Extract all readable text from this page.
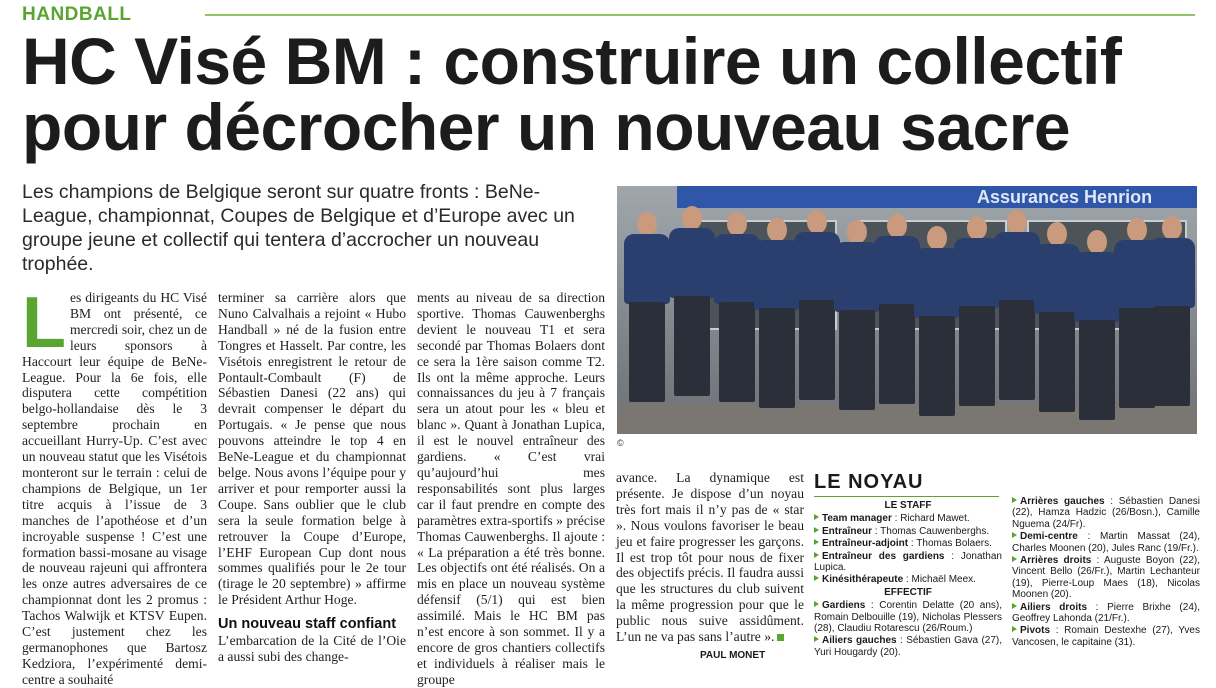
HANDBALL
HC Visé BM : construire un collectif pour décrocher un nouveau sacre

Les champions de Belgique seront sur quatre fronts : BeNe-League, championnat, Coupes de Belgique et d’Europe avec un groupe jeune et collectif qui tentera d’accrocher un nouveau trophée.

Assurances Henrion
©
Les dirigeants du HC Visé BM ont présenté, ce mercredi soir, chez un de leurs sponsors à Haccourt leur équipe de BeNe-League. Pour la 6e fois, elle disputera cette compétition belgo-hollandaise dès le 3 septembre prochain en accueillant Hurry-Up. C’est avec un nouveau statut que les Visétois monteront sur le terrain : celui de champions de Belgique, un 1er titre acquis à l’issue de 3 manches de l’apothéose et d’un incroyable suspense ! C’est une formation bassi-mosane au visage de nouveau rajeuni qui affrontera les onze autres adversaires de ce championnat dont les 2 promus : Tachos Walwijk et KTSV Eupen. C’est justement chez les germanophones que Bartosz Kedziora, l’expérimenté demi-centre a souhaité
terminer sa carrière alors que Nuno Calvalhais a rejoint « Hubo Handball » né de la fusion entre Tongres et Hasselt. Par contre, les Visétois enregistrent le retour de Pontault-Combault (F) de Sébastien Danesi (22 ans) qui devrait compenser le départ du Portugais. « Je pense que nous pouvons atteindre le top 4 en BeNe-League et du championnat belge. Nous avons l’équipe pour y arriver et pour remporter aussi la Coupe. Sans oublier que le club sera la seule formation belge à retrouver la Coupe d’Europe, l’EHF European Cup dont nous sommes qualifiés pour le 2e tour (tirage le 20 septembre) » affirme le Président Arthur Hoge.
Un nouveau staff confiant
L’embarcation de la Cité de l’Oie a aussi subi des change-
ments au niveau de sa direction sportive. Thomas Cauwenberghs devient le nouveau T1 et sera secondé par Thomas Bolaers dont ce sera la 1ère saison comme T2. Ils ont la même approche. Leurs connaissances du jeu à 7 français sera un atout pour les « bleu et blanc ». Quant à Jonathan Lupica, il est le nouvel entraîneur des gardiens. « C’est vrai qu’aujourd’hui mes responsabilités sont plus larges car il faut prendre en compte des paramètres extra-sportifs » précise Thomas Cauwenberghs. Il ajoute : « La préparation a été très bonne. Les objectifs ont été réalisés. On a mis en place un nouveau système défensif (5/1) qui est bien assimilé. Mais le HC BM pas n’est encore à son sommet. Il y a encore de gros chantiers collectifs et individuels à réaliser mais le groupe
avance. La dynamique est présente. Je dispose d’un noyau très fort mais il n’y pas de « star ». Nous voulons favoriser le beau jeu et faire progresser les garçons. Il est trop tôt pour nous de fixer des objectifs précis. Il faudra aussi que les structures du club suivent la même progression pour que le public nous suive assidûment. L’un ne va pas sans l’autre ».
PAUL MONET
LE NOYAU
LE STAFF
Team manager : Richard Mawet.
Entraîneur : Thomas Cauwenberghs.
Entraîneur-adjoint : Thomas Bolaers.
Entraîneur des gardiens : Jonathan Lupica.
Kinésithérapeute : Michaël Meex.
EFFECTIF
Gardiens : Corentin Delatte (20 ans), Romain Delbouille (19), Nicholas Plessers (28), Claudiu Rotarescu (26/Roum.)
Ailiers gauches : Sébastien Gava (27), Yuri Hougardy (20).
Arrières gauches : Sébastien Danesi (22), Hamza Hadzic (26/Bosn.), Camille Nguema (24/Fr).
Demi-centre : Martin Massat (24), Charles Moonen (20), Jules Ranc (19/Fr.).
Arrières droits : Auguste Boyon (22), Vincent Bello (26/Fr.), Martin Lechanteur (19), Pierre-Loup Maes (18), Nicolas Moonen (20).
Ailiers droits : Pierre Brixhe (24), Geoffrey Lahonda (21/Fr.).
Pivots : Romain Destexhe (27), Yves Vancosen, le capitaine (31).
